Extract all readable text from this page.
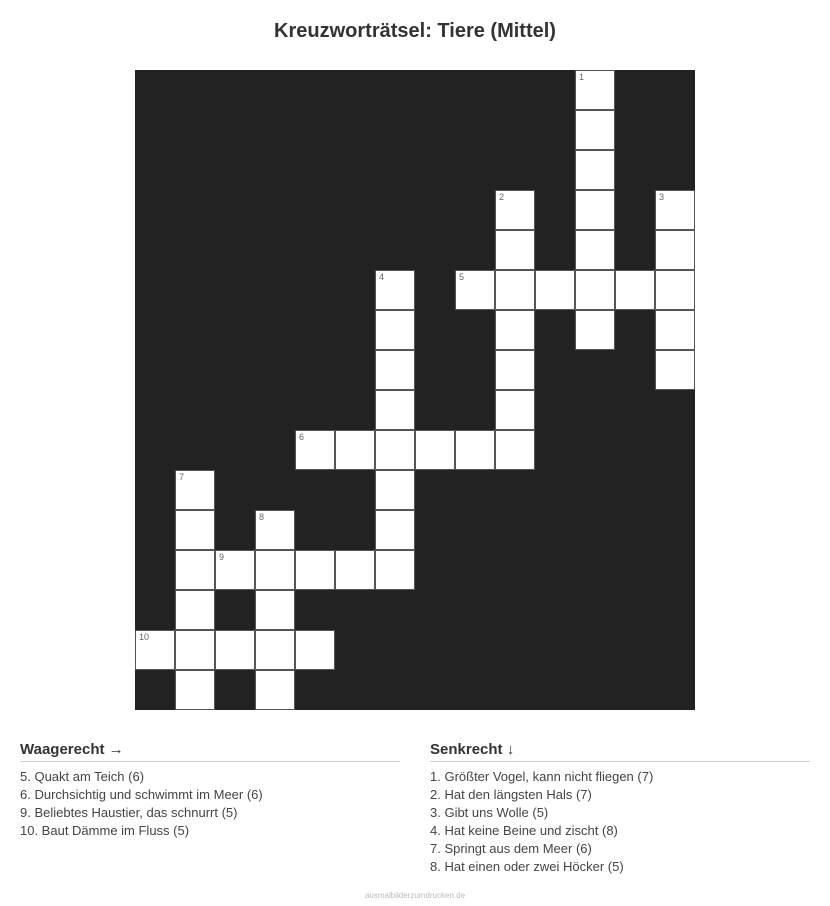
Kreuzworträtsel: Tiere (Mittel)
1
2	3
4	5
6
7
8
9
10
Waagerecht →
5. Quakt am Teich (6)
6. Durchsichtig und schwimmt im Meer (6)
9. Beliebtes Haustier, das schnurrt (5)
10. Baut Dämme im Fluss (5)
Senkrecht ↓
1. Größter Vogel, kann nicht fliegen (7)
2. Hat den längsten Hals (7)
3. Gibt uns Wolle (5)
4. Hat keine Beine und zischt (8)
7. Springt aus dem Meer (6)
8. Hat einen oder zwei Höcker (5)
ausmalbilderzumdrucken.de
